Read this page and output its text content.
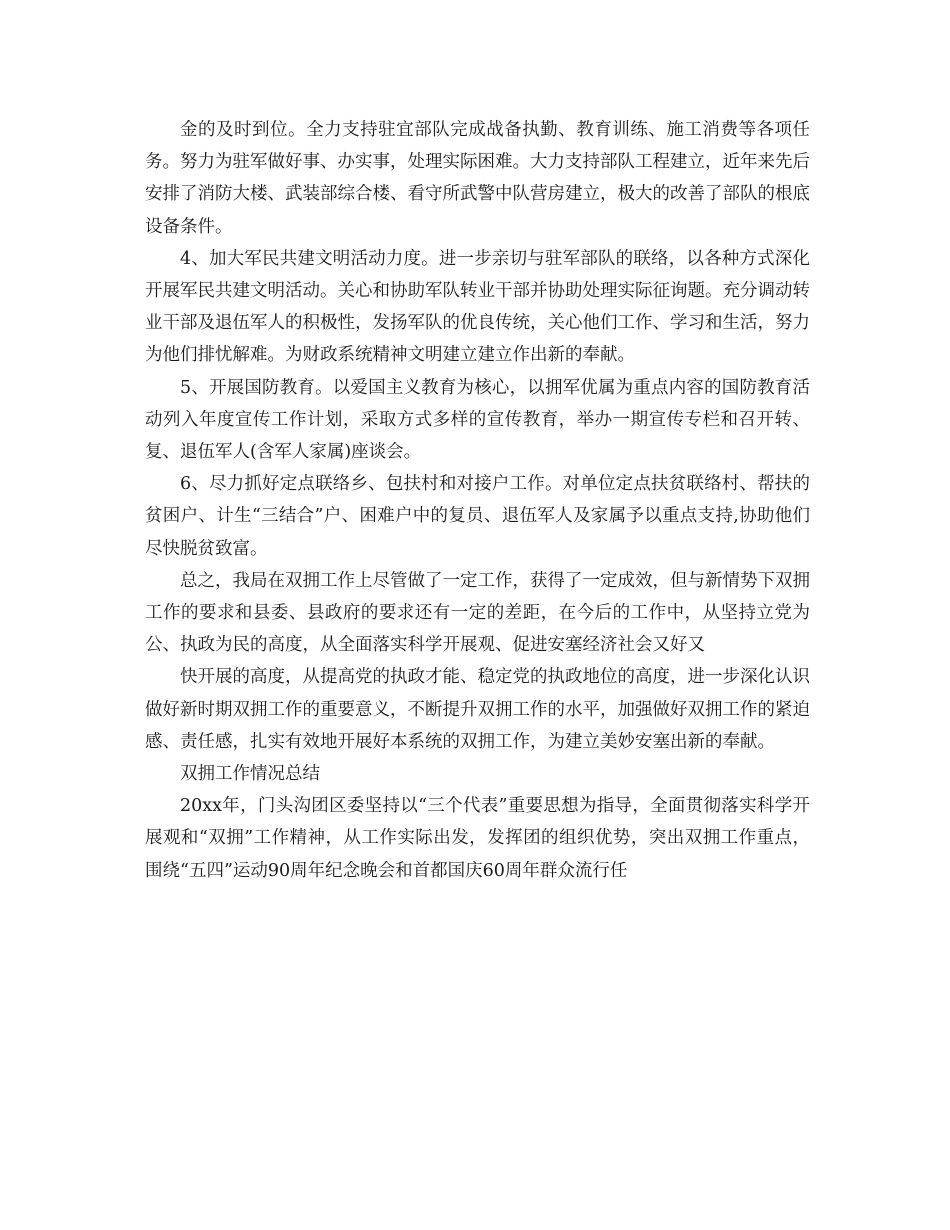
金的及时到位。全力支持驻宜部队完成战备执勤、教育训练、施工消费等各项任务。努力为驻军做好事、办实事，处理实际困难。大力支持部队工程建立，近年来先后安排了消防大楼、武装部综合楼、看守所武警中队营房建立，极大的改善了部队的根底设备条件。

4、加大军民共建文明活动力度。进一步亲切与驻军部队的联络，以各种方式深化开展军民共建文明活动。关心和协助军队转业干部并协助处理实际征询题。充分调动转业干部及退伍军人的积极性，发扬军队的优良传统，关心他们工作、学习和生活，努力为他们排忧解难。为财政系统精神文明建立建立作出新的奉献。

5、开展国防教育。以爱国主义教育为核心，以拥军优属为重点内容的国防教育活动列入年度宣传工作计划，采取方式多样的宣传教育，举办一期宣传专栏和召开转、复、退伍军人(含军人家属)座谈会。

6、尽力抓好定点联络乡、包扶村和对接户工作。对单位定点扶贫联络村、帮扶的贫困户、计生“三结合”户、困难户中的复员、退伍军人及家属予以重点支持,协助他们尽快脱贫致富。

总之，我局在双拥工作上尽管做了一定工作，获得了一定成效，但与新情势下双拥工作的要求和县委、县政府的要求还有一定的差距，在今后的工作中，从坚持立党为公、执政为民的高度，从全面落实科学开展观、促进安塞经济社会又好又

快开展的高度，从提高党的执政才能、稳定党的执政地位的高度，进一步深化认识做好新时期双拥工作的重要意义，不断提升双拥工作的水平，加强做好双拥工作的紧迫感、责任感，扎实有效地开展好本系统的双拥工作，为建立美妙安塞出新的奉献。

双拥工作情况总结

20xx年，门头沟团区委坚持以“三个代表”重要思想为指导，全面贯彻落实科学开展观和“双拥”工作精神，从工作实际出发，发挥团的组织优势，突出双拥工作重点，围绕“五四”运动90周年纪念晚会和首都国庆60周年群众流行任
